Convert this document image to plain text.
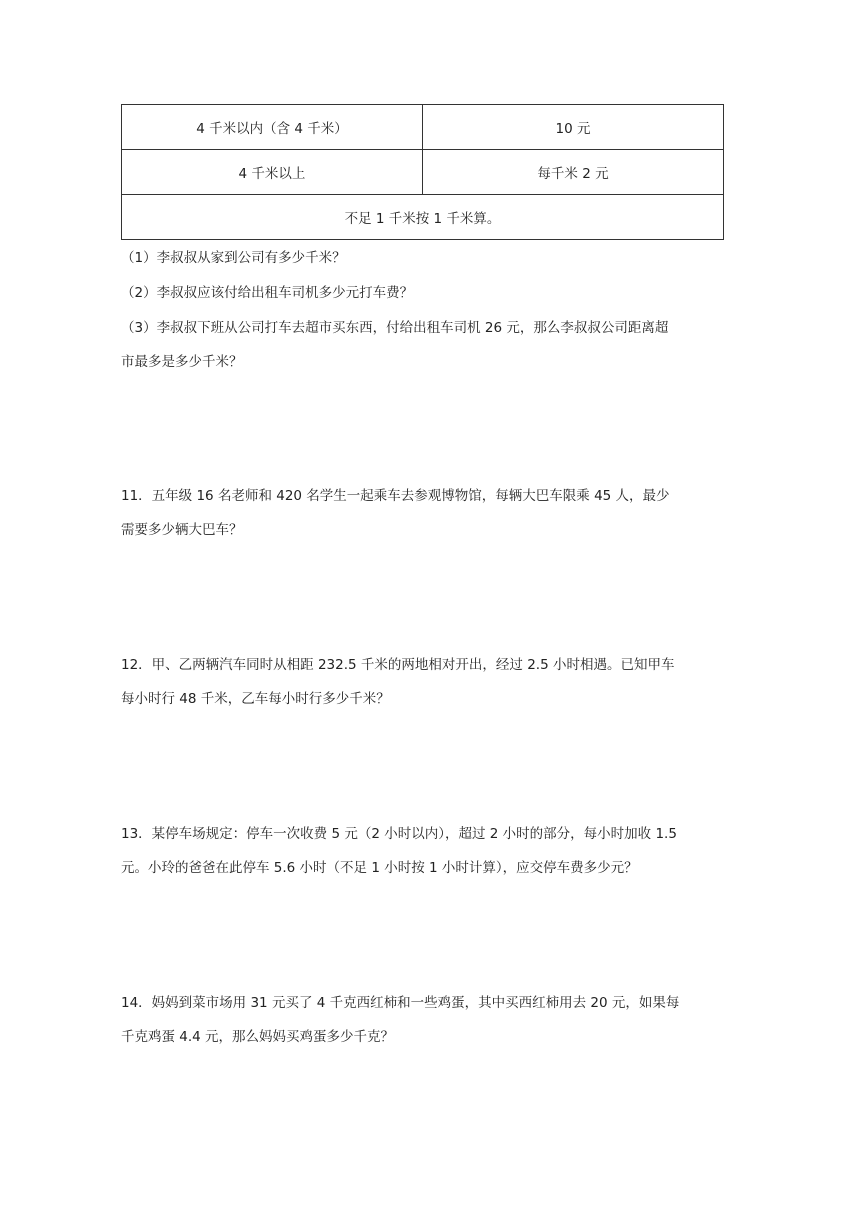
4 千米以内（含 4 千米）	10 元
4 千米以上	每千米 2 元
不足 1 千米按 1 千米算。	
（1）李叔叔从家到公司有多少千米？
（2）李叔叔应该付给出租车司机多少元打车费？
（3）李叔叔下班从公司打车去超市买东西，付给出租车司机 26 元，那么李叔叔公司距离超
市最多是多少千米？
11．五年级 16 名老师和 420 名学生一起乘车去参观博物馆，每辆大巴车限乘 45 人，最少
需要多少辆大巴车？
12．甲、乙两辆汽车同时从相距 232.5 千米的两地相对开出，经过 2.5 小时相遇。已知甲车
每小时行 48 千米，乙车每小时行多少千米？
13．某停车场规定：停车一次收费 5 元（2 小时以内），超过 2 小时的部分，每小时加收 1.5
元。小玲的爸爸在此停车 5.6 小时（不足 1 小时按 1 小时计算），应交停车费多少元？
14．妈妈到菜市场用 31 元买了 4 千克西红柿和一些鸡蛋，其中买西红柿用去 20 元，如果每
千克鸡蛋 4.4 元，那么妈妈买鸡蛋多少千克？
